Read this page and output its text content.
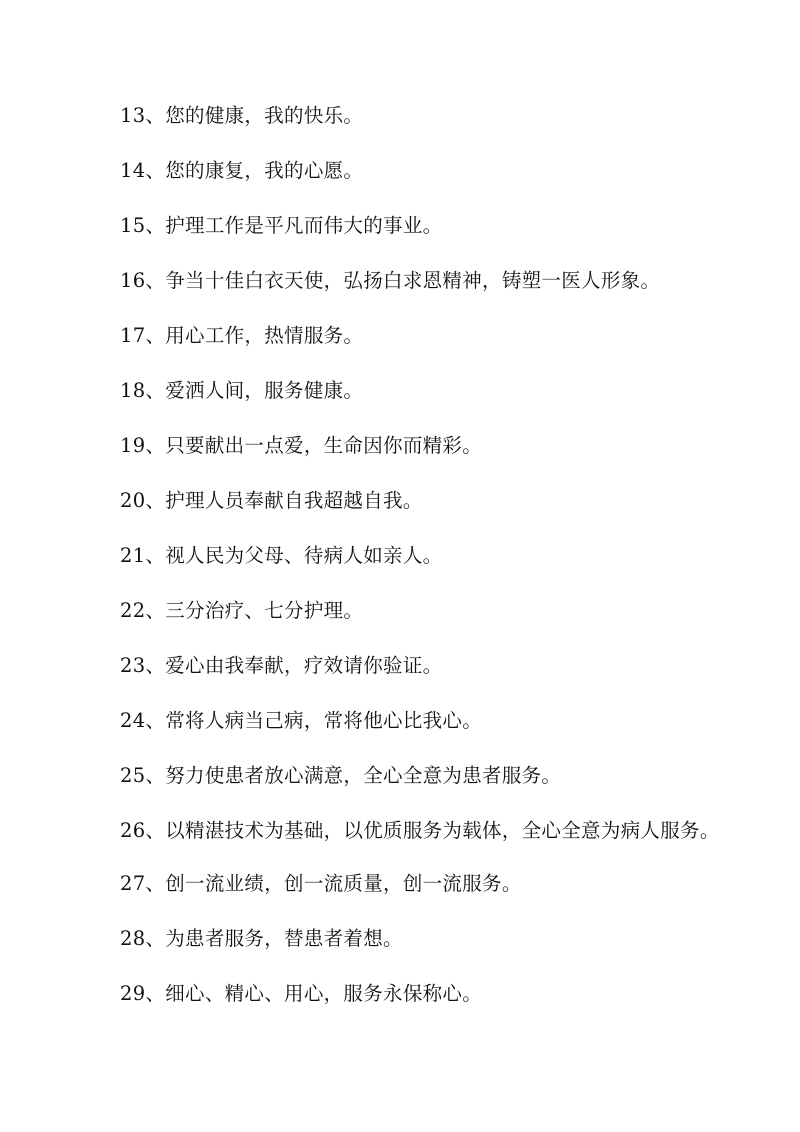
13、您的健康，我的快乐。

14、您的康复，我的心愿。

15、护理工作是平凡而伟大的事业。

16、争当十佳白衣天使，弘扬白求恩精神，铸塑一医人形象。

17、用心工作，热情服务。

18、爱洒人间，服务健康。

19、只要献出一点爱，生命因你而精彩。

20、护理人员奉献自我超越自我。

21、视人民为父母、待病人如亲人。

22、三分治疗、七分护理。

23、爱心由我奉献，疗效请你验证。

24、常将人病当己病，常将他心比我心。

25、努力使患者放心满意，全心全意为患者服务。

26、以精湛技术为基础，以优质服务为载体，全心全意为病人服务。

27、创一流业绩，创一流质量，创一流服务。

28、为患者服务，替患者着想。

29、细心、精心、用心，服务永保称心。
